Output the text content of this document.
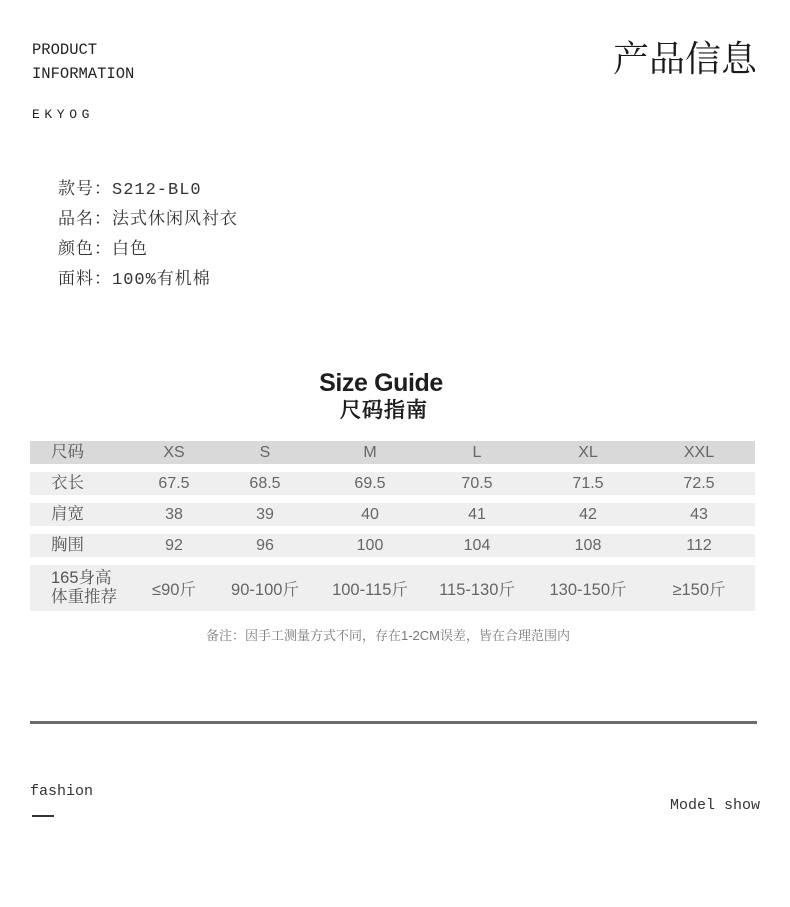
PRODUCT
INFORMATION	产品信息
EKYOG
款号：S212-BL0
品名：法式休闲风衬衣
颜色：白色
面料：100%有机棉
Size Guide
尺码指南
尺码	XS	S	M	L	XL	XXL
衣长	67.5	68.5	69.5	70.5	71.5	72.5
肩宽	38	39	40	41	42	43
胸围	92	96	100	104	108	112
165身高
体重推荐	≤90斤	90-100斤	100-115斤	115-130斤	130-150斤	≥150斤
备注：因手工测量方式不同，存在1-2CM误差，皆在合理范围内
fashion
Model show
